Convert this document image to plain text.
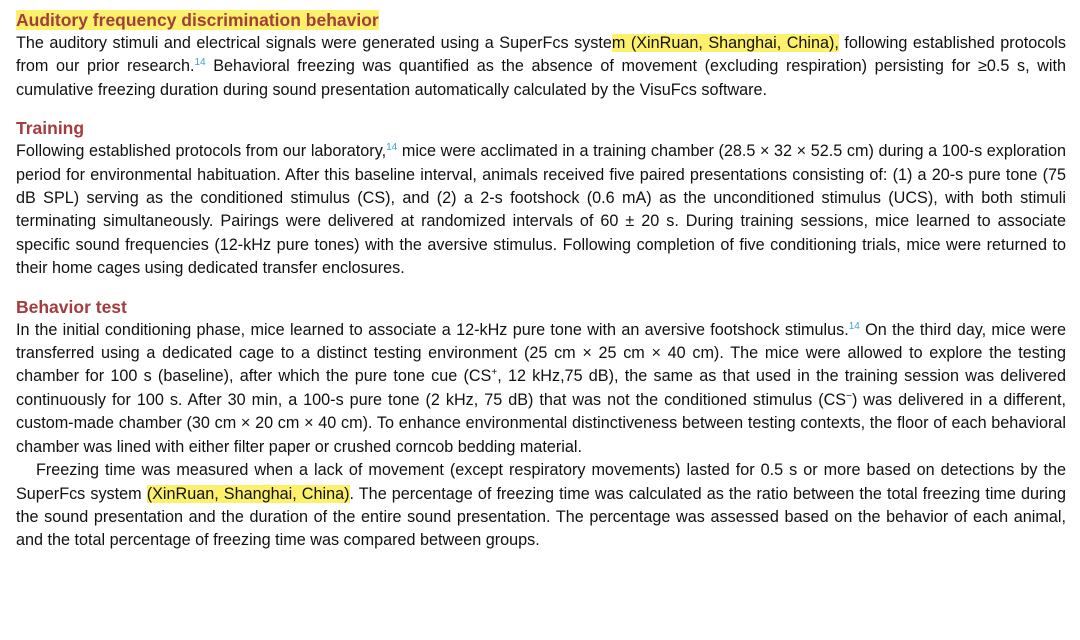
Auditory frequency discrimination behavior

The auditory stimuli and electrical signals were generated using a SuperFcs system (XinRuan, Shanghai, China), following established protocols from our prior research.$^{14}$ Behavioral freezing was quantified as the absence of movement (excluding respiration) persisting for ≥0.5 s, with cumulative freezing duration during sound presentation automatically calculated by the VisuFcs software.

Training

Following established protocols from our laboratory,$^{14}$ mice were acclimated in a training chamber (28.5 × 32 × 52.5 cm) during a 100-s exploration period for environmental habituation. After this baseline interval, animals received five paired presentations consisting of: (1) a 20-s pure tone (75 dB SPL) serving as the conditioned stimulus (CS), and (2) a 2-s footshock (0.6 mA) as the unconditioned stimulus (UCS), with both stimuli terminating simultaneously. Pairings were delivered at randomized intervals of 60 ± 20 s. During training sessions, mice learned to associate specific sound frequencies (12-kHz pure tones) with the aversive stimulus. Following completion of five conditioning trials, mice were returned to their home cages using dedicated transfer enclosures.

Behavior test

In the initial conditioning phase, mice learned to associate a 12-kHz pure tone with an aversive footshock stimulus.$^{14}$ On the third day, mice were transferred using a dedicated cage to a distinct testing environment (25 cm × 25 cm × 40 cm). The mice were allowed to explore the testing chamber for 100 s (baseline), after which the pure tone cue (CS+, 12 kHz,75 dB), the same as that used in the training session was delivered continuously for 100 s. After 30 min, a 100-s pure tone (2 kHz, 75 dB) that was not the conditioned stimulus (CS−) was delivered in a different, custom-made chamber (30 cm × 20 cm × 40 cm). To enhance environmental distinctiveness between testing contexts, the floor of each behavioral chamber was lined with either filter paper or crushed corncob bedding material.

Freezing time was measured when a lack of movement (except respiratory movements) lasted for 0.5 s or more based on detections by the SuperFcs system (XinRuan, Shanghai, China). The percentage of freezing time was calculated as the ratio between the total freezing time during the sound presentation and the duration of the entire sound presentation. The percentage was assessed based on the behavior of each animal, and the total percentage of freezing time was compared between groups.
